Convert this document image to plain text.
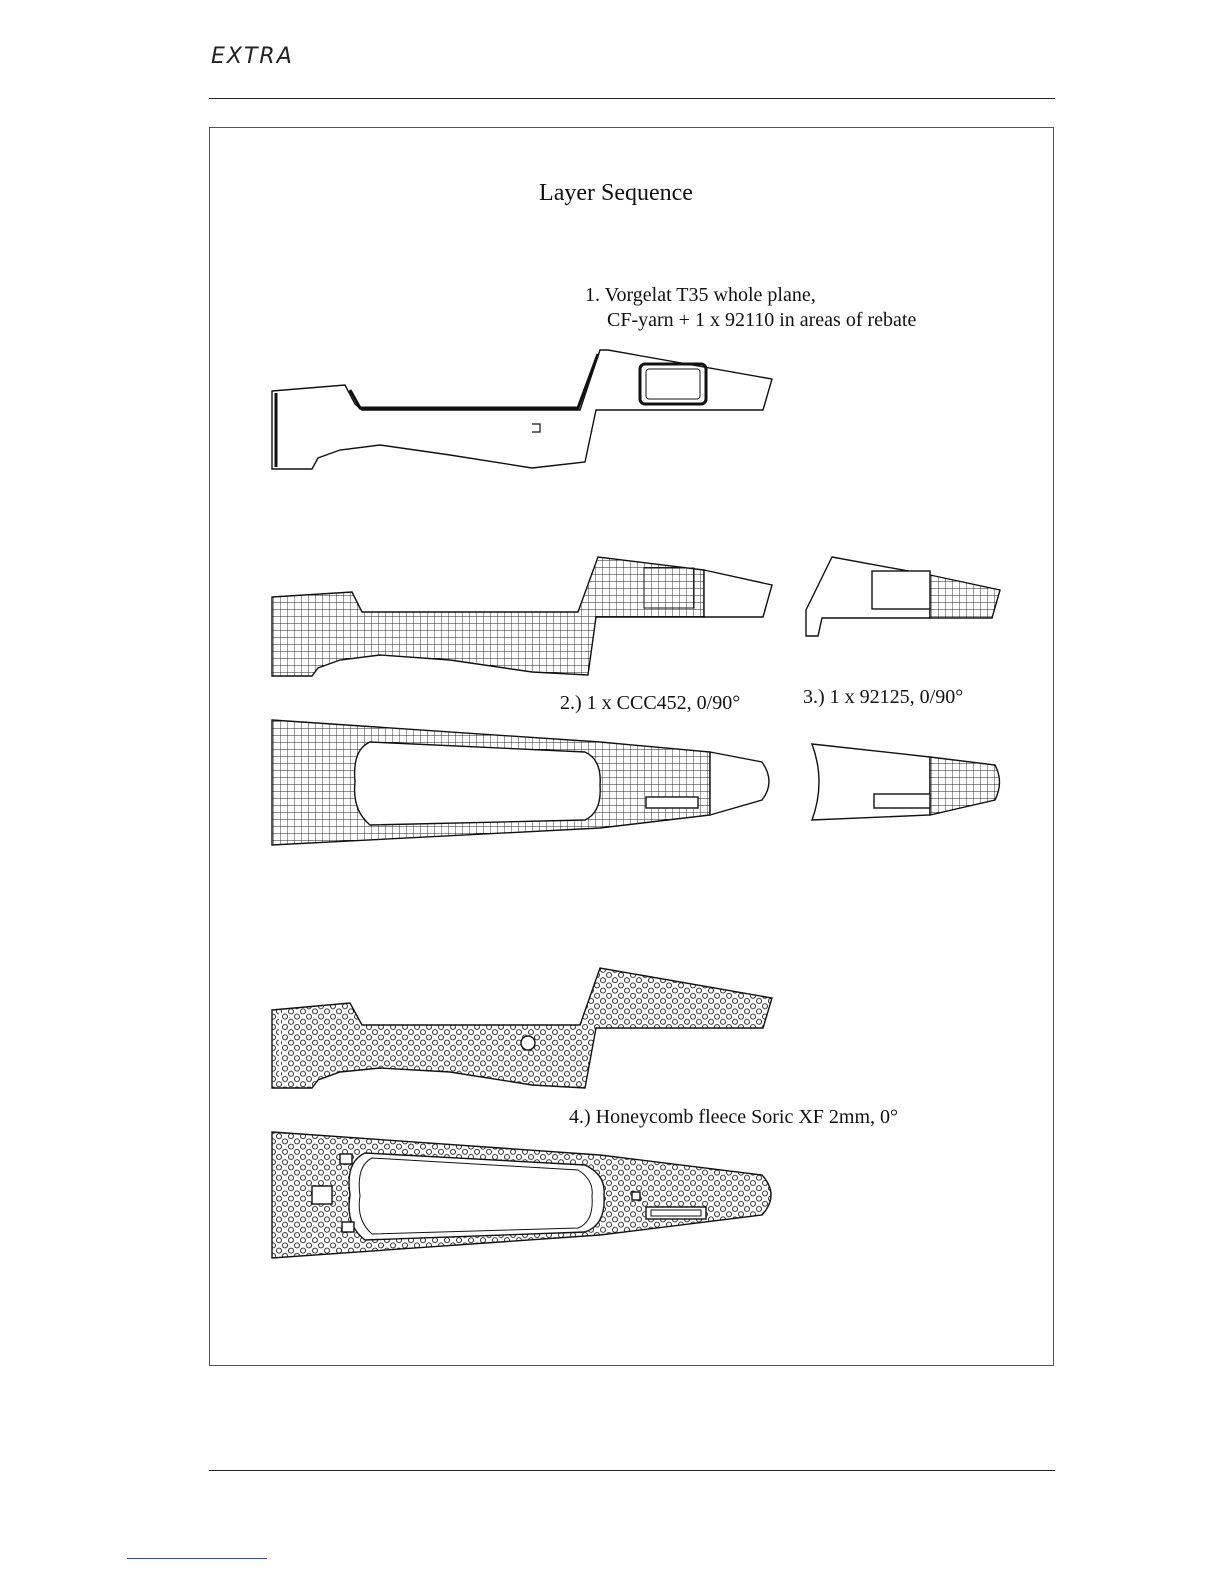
EXTRA
Layer Sequence
1. Vorgelat T35 whole plane,
CF-yarn + 1 x 92110 in areas of rebate
2.) 1 x CCC452, 0/90°	3.) 1 x 92125, 0/90°
4.) Honeycomb fleece Soric XF 2mm, 0°
